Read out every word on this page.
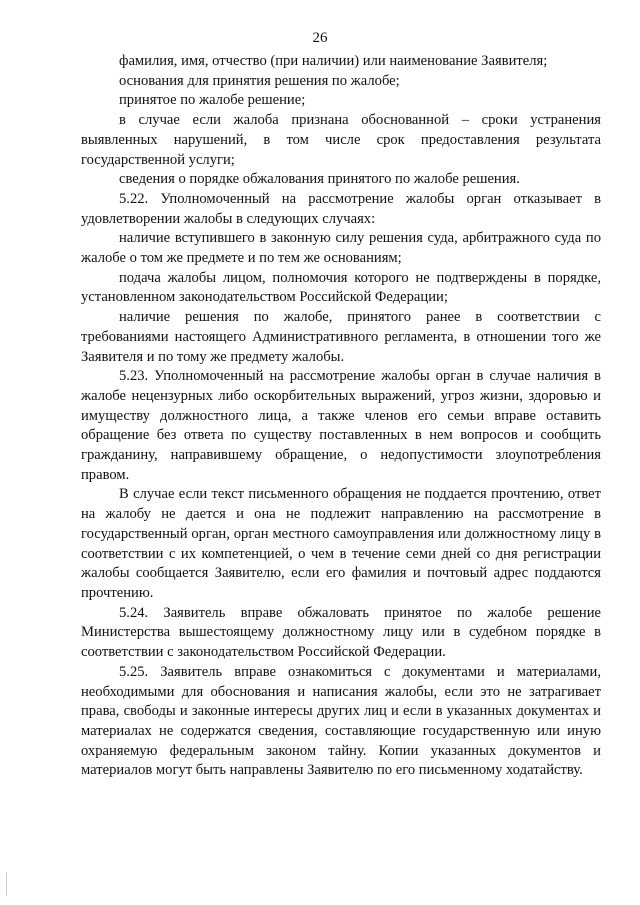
26

фамилия, имя, отчество (при наличии) или наименование Заявителя;

основания для принятия решения по жалобе;

принятое по жалобе решение;

в случае если жалоба признана обоснованной – сроки устранения выявленных нарушений, в том числе срок предоставления результата государственной услуги;

сведения о порядке обжалования принятого по жалобе решения.

5.22. Уполномоченный на рассмотрение жалобы орган отказывает в удовлетворении жалобы в следующих случаях:

наличие вступившего в законную силу решения суда, арбитражного суда по жалобе о том же предмете и по тем же основаниям;

подача жалобы лицом, полномочия которого не подтверждены в порядке, установленном законодательством Российской Федерации;

наличие решения по жалобе, принятого ранее в соответствии с требованиями настоящего Административного регламента, в отношении того же Заявителя и по тому же предмету жалобы.

5.23. Уполномоченный на рассмотрение жалобы орган в случае наличия в жалобе нецензурных либо оскорбительных выражений, угроз жизни, здоровью и имуществу должностного лица, а также членов его семьи вправе оставить обращение без ответа по существу поставленных в нем вопросов и сообщить гражданину, направившему обращение, о недопустимости злоупотребления правом.

В случае если текст письменного обращения не поддается прочтению, ответ на жалобу не дается и она не подлежит направлению на рассмотрение в государственный орган, орган местного самоуправления или должностному лицу в соответствии с их компетенцией, о чем в течение семи дней со дня регистрации жалобы сообщается Заявителю, если его фамилия и почтовый адрес поддаются прочтению.

5.24. Заявитель вправе обжаловать принятое по жалобе решение Министерства вышестоящему должностному лицу или в судебном порядке в соответствии с законодательством Российской Федерации.

5.25. Заявитель вправе ознакомиться с документами и материалами, необходимыми для обоснования и написания жалобы, если это не затрагивает права, свободы и законные интересы других лиц и если в указанных документах и материалах не содержатся сведения, составляющие государственную или иную охраняемую федеральным законом тайну. Копии указанных документов и материалов могут быть направлены Заявителю по его письменному ходатайству.
